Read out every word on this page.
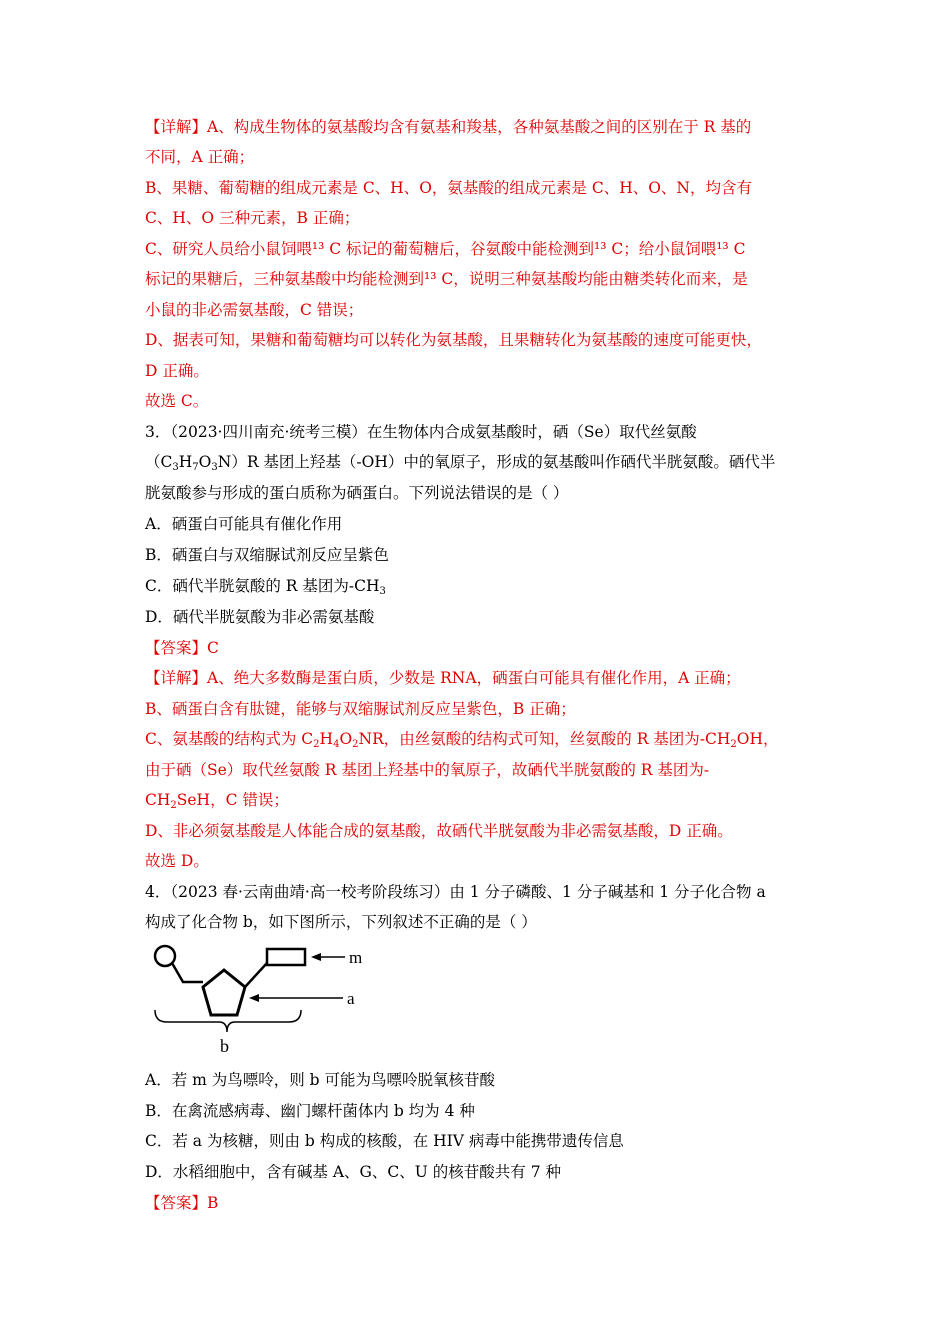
【详解】A、构成生物体的氨基酸均含有氨基和羧基，各种氨基酸之间的区别在于 R 基的
不同，A 正确；
B、果糖、葡萄糖的组成元素是 C、H、O，氨基酸的组成元素是 C、H、O、N，均含有
C、H、O 三种元素，B 正确；
C、研究人员给小鼠饲喂¹³ C 标记的葡萄糖后，谷氨酸中能检测到¹³ C；给小鼠饲喂¹³ C
标记的果糖后，三种氨基酸中均能检测到¹³ C，说明三种氨基酸均能由糖类转化而来，是
小鼠的非必需氨基酸，C 错误；
D、据表可知，果糖和葡萄糖均可以转化为氨基酸，且果糖转化为氨基酸的速度可能更快，
D 正确。
故选 C。
3．（2023·四川南充·统考三模）在生物体内合成氨基酸时，硒（Se）取代丝氨酸
$(C_3H_7O_3N)R$ 基团上羟基（-OH）中的氧原子，形成的氨基酸叫作硒代半胱氨酸。硒代半
胱氨酸参与形成的蛋白质称为硒蛋白。下列说法错误的是（ ）
A．硒蛋白可能具有催化作用
B．硒蛋白与双缩脲试剂反应呈紫色
C．硒代半胱氨酸的 R 基团为$-CH_3$
D．硒代半胱氨酸为非必需氨基酸
【答案】C
【详解】A、绝大多数酶是蛋白质，少数是 RNA，硒蛋白可能具有催化作用，A 正确；
B、硒蛋白含有肽键，能够与双缩脲试剂反应呈紫色，B 正确；
C、氨基酸的结构式为 $C_2H_4O_2NR$，由丝氨酸的结构式可知，丝氨酸的 R 基团为$-CH_2OH$，
由于硒（Se）取代丝氨酸 R 基团上羟基中的氧原子，故硒代半胱氨酸的 R 基团为-
$CH_2SeH$，C 错误；
D、非必须氨基酸是人体能合成的氨基酸，故硒代半胱氨酸为非必需氨基酸，D 正确。
故选 D。
4．（2023 春·云南曲靖·高一校考阶段练习）由 1 分子磷酸、1 分子碱基和 1 分子化合物 a
构成了化合物 b，如下图所示，下列叙述不正确的是（ ）
m
a
b
A．若 m 为鸟嘌呤，则 b 可能为鸟嘌呤脱氧核苷酸
B．在禽流感病毒、幽门螺杆菌体内 b 均为 4 种
C．若 a 为核糖，则由 b 构成的核酸，在 HIV 病毒中能携带遗传信息
D．水稻细胞中，含有碱基 A、G、C、U 的核苷酸共有 7 种
【答案】B
